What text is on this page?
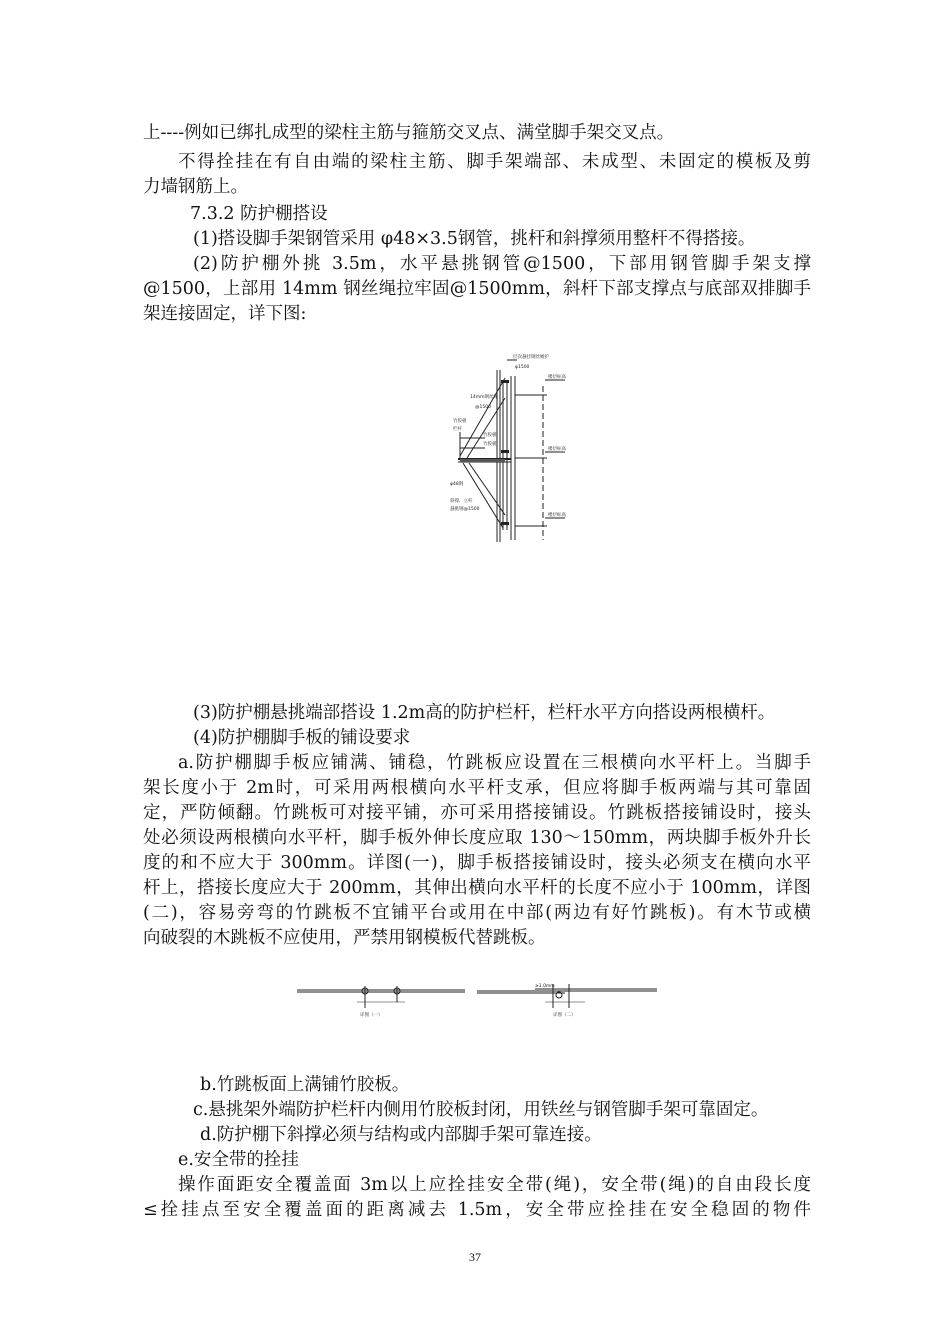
上----例如已绑扎成型的梁柱主筋与箍筋交叉点、满堂脚手架交叉点。
不得拴挂在有自由端的梁柱主筋、脚手架端部、未成型、未固定的模板及剪
力墙钢筋上。
7.3.2 防护棚搭设
(1)搭设脚手架钢管采用 φ48×3.5钢管，挑杆和斜撑须用整杆不得搭接。
(2)防护棚外挑 3.5m，水平悬挑钢管@1500，下部用钢管脚手架支撑
@1500，上部用 14mm 钢丝绳拉牢固@1500mm，斜杆下部支撑点与底部双排脚手
架连接固定，详下图:
层次悬挂钢丝绳护
φ1500
14mm钢丝绳
@1500
竹胶板
栏杆
竹胶板
竹胶板
φ48钢
斜撑、立杆
悬挑钢@1500
楼层标高
楼层标高
楼层标高
(3)防护棚悬挑端部搭设 1.2m高的防护栏杆，栏杆水平方向搭设两根横杆。
(4)防护棚脚手板的铺设要求
a.防护棚脚手板应铺满、铺稳，竹跳板应设置在三根横向水平杆上。当脚手
架长度小于 2m时，可采用两根横向水平杆支承，但应将脚手板两端与其可靠固
定，严防倾翻。竹跳板可对接平铺，亦可采用搭接铺设。竹跳板搭接铺设时，接头
处必须设两根横向水平杆，脚手板外伸长度应取 130～150mm，两块脚手板外升长
度的和不应大于 300mm。详图(一)，脚手板搭接铺设时，接头必须支在横向水平
杆上，搭接长度应大于 200mm，其伸出横向水平杆的长度不应小于 100mm，详图
(二)，容易旁弯的竹跳板不宜铺平台或用在中部(两边有好竹跳板)。有木节或横
向破裂的木跳板不应使用，严禁用钢模板代替跳板。
详图（一）
≥1.0mm
详图（二）
b.竹跳板面上满铺竹胶板。
c.悬挑架外端防护栏杆内侧用竹胶板封闭，用铁丝与钢管脚手架可靠固定。
d.防护棚下斜撑必须与结构或内部脚手架可靠连接。
e.安全带的拴挂
操作面距安全覆盖面 3m以上应拴挂安全带(绳)，安全带(绳)的自由段长度
≤拴挂点至安全覆盖面的距离减去 1.5m，安全带应拴挂在安全稳固的物件
37
